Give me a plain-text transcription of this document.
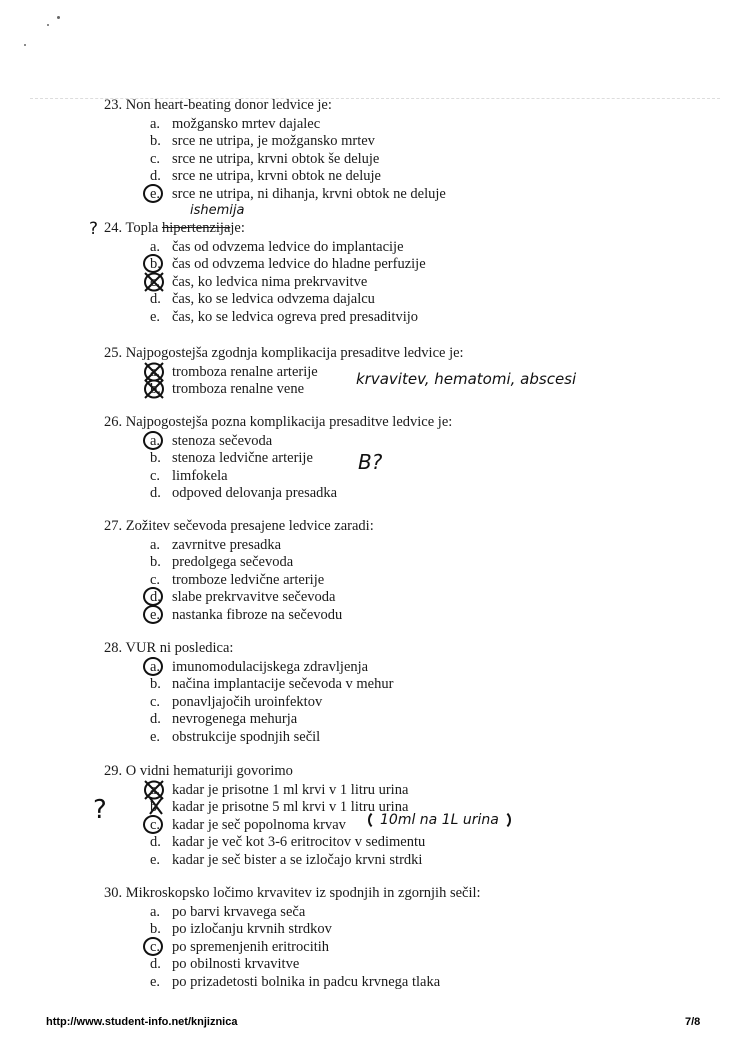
23. Non heart-beating donor ledvice je:
a. možgansko mrtev dajalec
b. srce ne utripa, je možgansko mrtev
c. srce ne utripa, krvni obtok še deluje
d. srce ne utripa, krvni obtok ne deluje
e. srce ne utripa, ni dihanja, krvni obtok ne deluje
ishemija
? 24. Topla hipertenzijaje:
a. čas od odvzema ledvice do implantacije
b. čas od odvzema ledvice do hladne perfuzije
c. čas, ko ledvica nima prekrvavitve
d. čas, ko se ledvica odvzema dajalcu
e. čas, ko se ledvica ogreva pred presaditvijo
25. Najpogostejša zgodnja komplikacija presaditve ledvice je:
a. tromboza renalne arterije
b. tromboza renalne vene
krvavitev, hematomi, abscesi
26. Najpogostejša pozna komplikacija presaditve ledvice je:
a. stenoza sečevoda
b. stenoza ledvične arterije
c. limfokela
d. odpoved delovanja presadka
B?
27. Zožitev sečevoda presajene ledvice zaradi:
a. zavrnitve presadka
b. predolgega sečevoda
c. tromboze ledvične arterije
d. slabe prekrvavitve sečevoda
e. nastanka fibroze na sečevodu
28. VUR ni posledica:
a. imunomodulacijskega zdravljenja
b. načina implantacije sečevoda v mehur
c. ponavljajočih uroinfektov
d. nevrogenega mehurja
e. obstrukcije spodnjih sečil
29. O vidni hematuriji govorimo
a. kadar je prisotne 1 ml krvi v 1 litru urina
b. kadar je prisotne 5 ml krvi v 1 litru urina
c. kadar je seč popolnoma krvav
d. kadar je več kot 3-6 eritrocitov v sedimentu
e. kadar je seč bister a se izločajo krvni strdki
?	10ml na 1L urina
30. Mikroskopsko ločimo krvavitev iz spodnjih in zgornjih sečil:
a. po barvi krvavega seča
b. po izločanju krvnih strdkov
c. po spremenjenih eritrocitih
d. po obilnosti krvavitve
e. po prizadetosti bolnika in padcu krvnega tlaka
http://www.student-info.net/knjiznica	7/8
